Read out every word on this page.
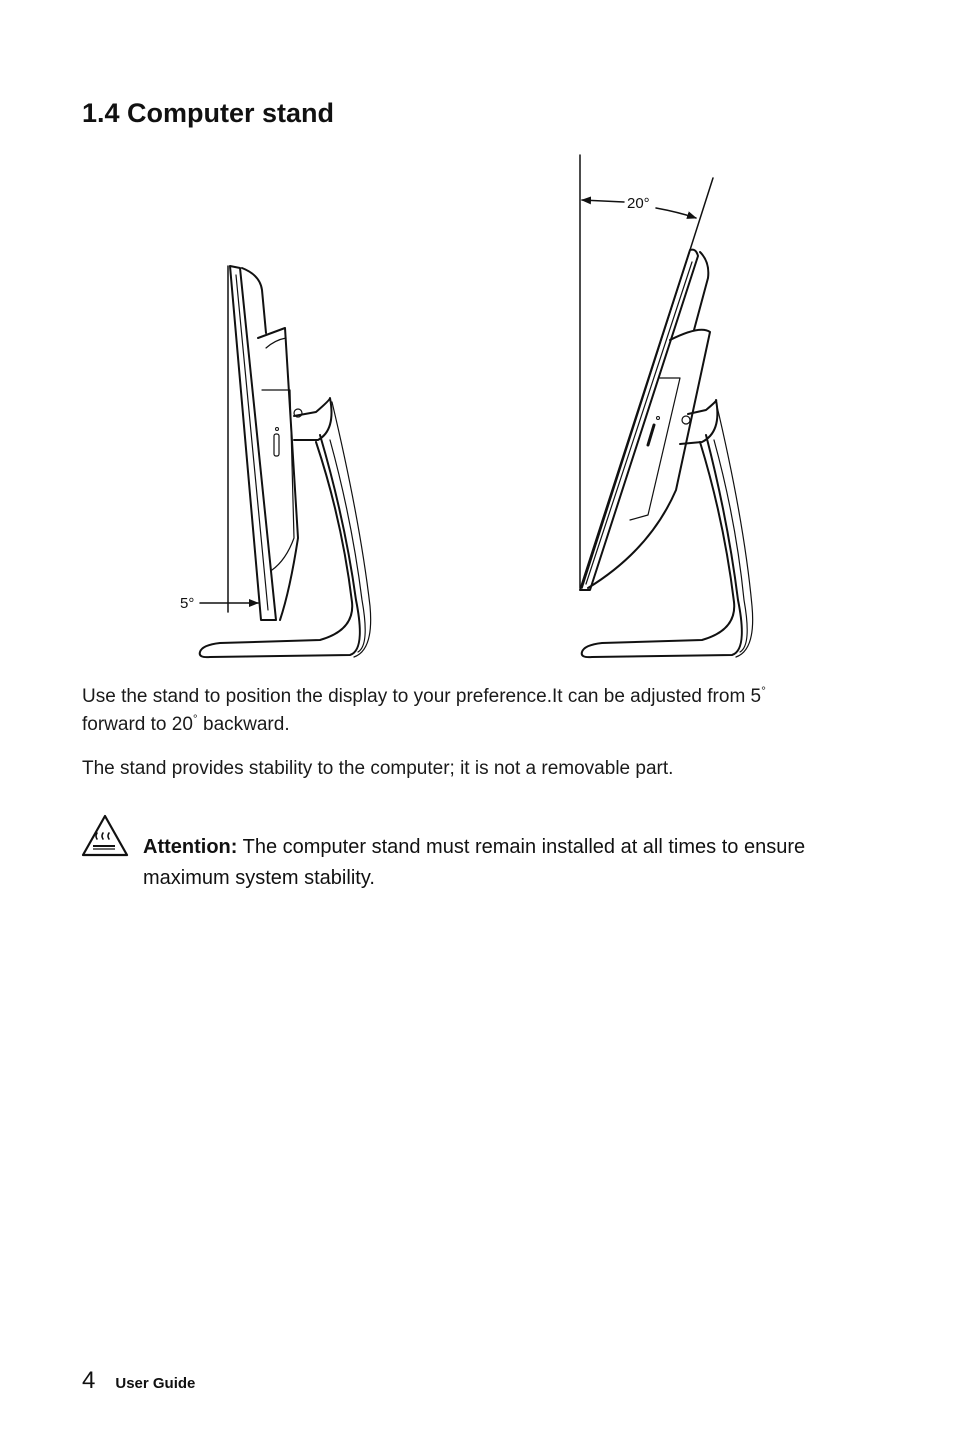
1.4 Computer stand
5°
20°

Use the stand to position the display to your preference.It can be adjusted from 5°
forward to 20° backward.

The stand provides stability to the computer; it is not a removable part.

Attention: The computer stand must remain installed at all times to ensure maximum system stability.

4 User Guide
